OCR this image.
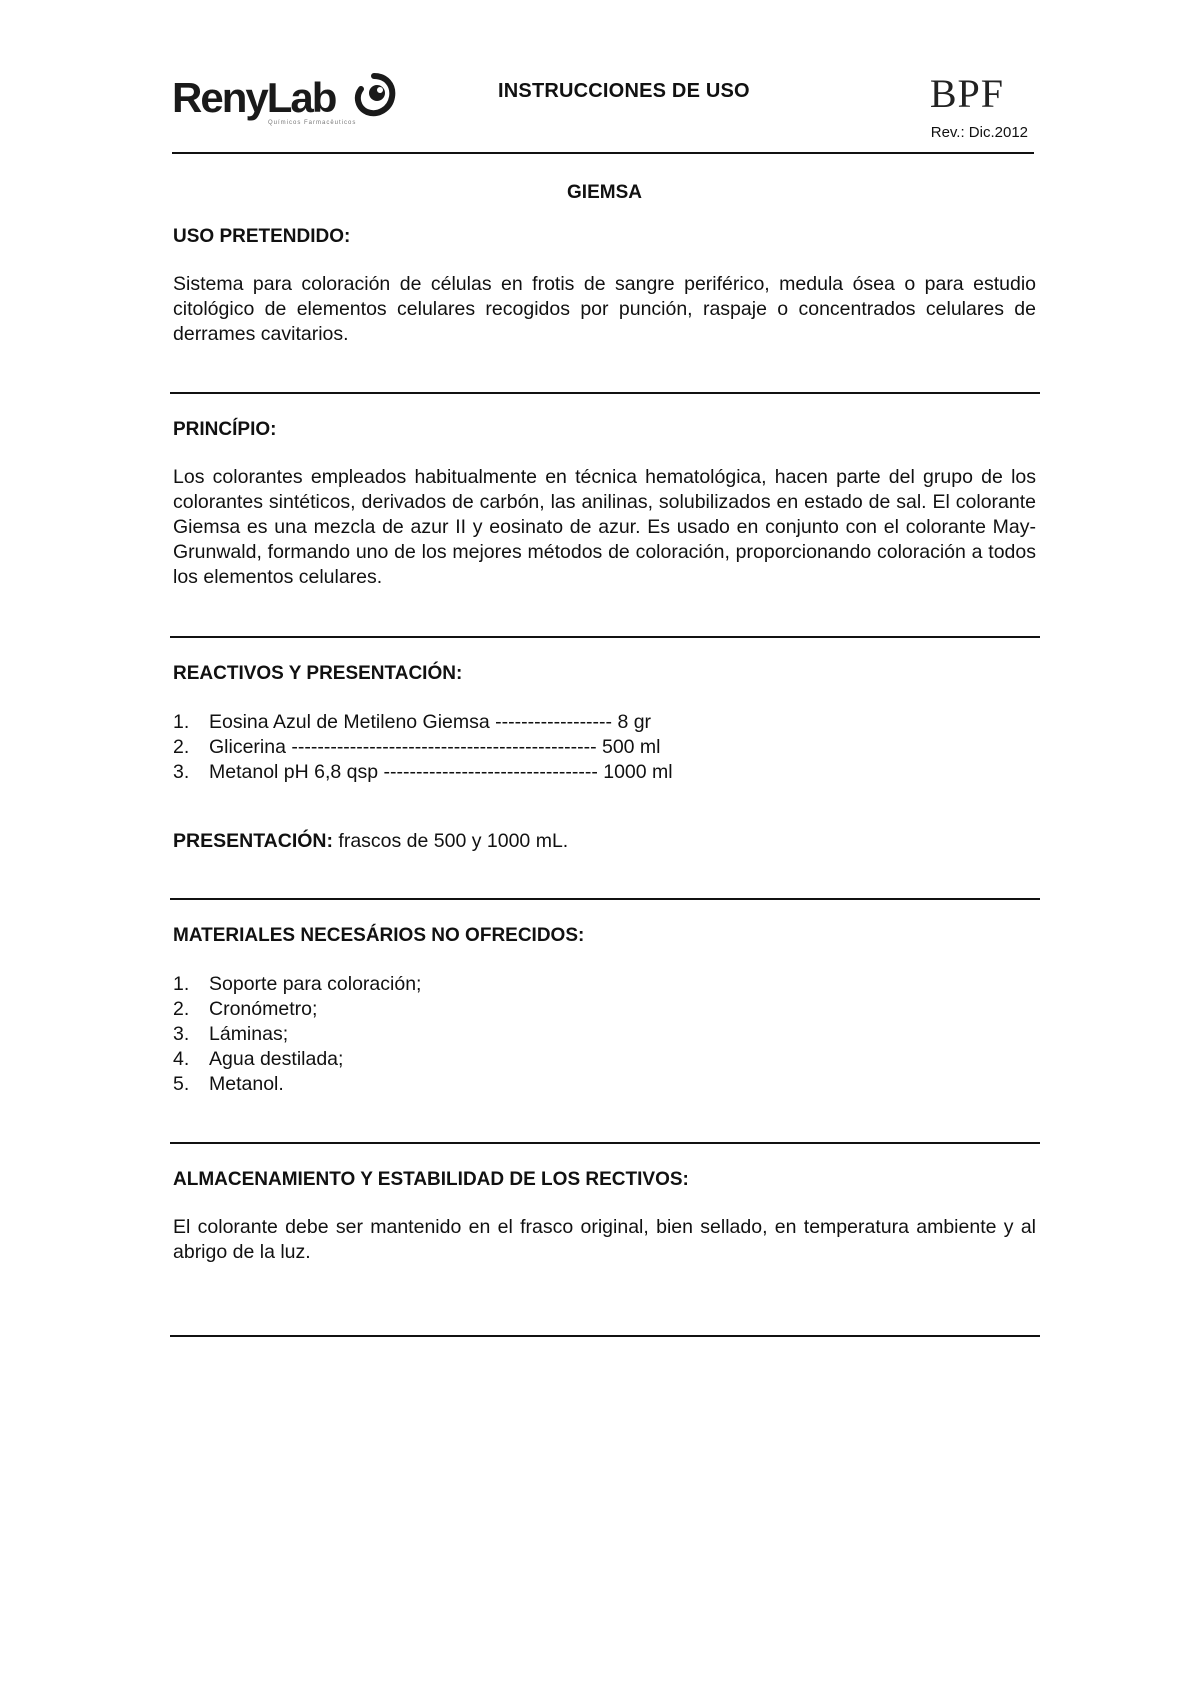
RenyLab
Químicos Farmacêuticos
INSTRUCCIONES DE USO	BPF
Rev.: Dic.2012
GIEMSA
USO PRETENDIDO:

Sistema para coloración de células en frotis de sangre periférico, medula ósea o para estudio citológico de elementos celulares recogidos por punción, raspaje o concentrados celulares de derrames cavitarios.

PRINCÍPIO:

Los colorantes empleados habitualmente en técnica hematológica, hacen parte del grupo de los colorantes sintéticos, derivados de carbón, las anilinas, solubilizados en estado de sal. El colorante Giemsa es una mezcla de azur II y eosinato de azur. Es usado en conjunto con el colorante May-Grunwald, formando uno de los mejores métodos de coloración, proporcionando coloración a todos los elementos celulares.

REACTIVOS Y PRESENTACIÓN:
1.	Eosina Azul de Metileno Giemsa ------------------ 8 gr
2.	Glicerina ----------------------------------------------- 500 ml
3.	Metanol pH 6,8 qsp --------------------------------- 1000 ml

PRESENTACIÓN: frascos de 500 y 1000 mL.

MATERIALES NECESÁRIOS NO OFRECIDOS:
1.	Soporte para coloración;
2.	Cronómetro;
3.	Láminas;
4.	Agua destilada;
5.	Metanol.
ALMACENAMIENTO Y ESTABILIDAD DE LOS RECTIVOS:

El colorante debe ser mantenido en el frasco original, bien sellado, en temperatura ambiente y al abrigo de la luz.
